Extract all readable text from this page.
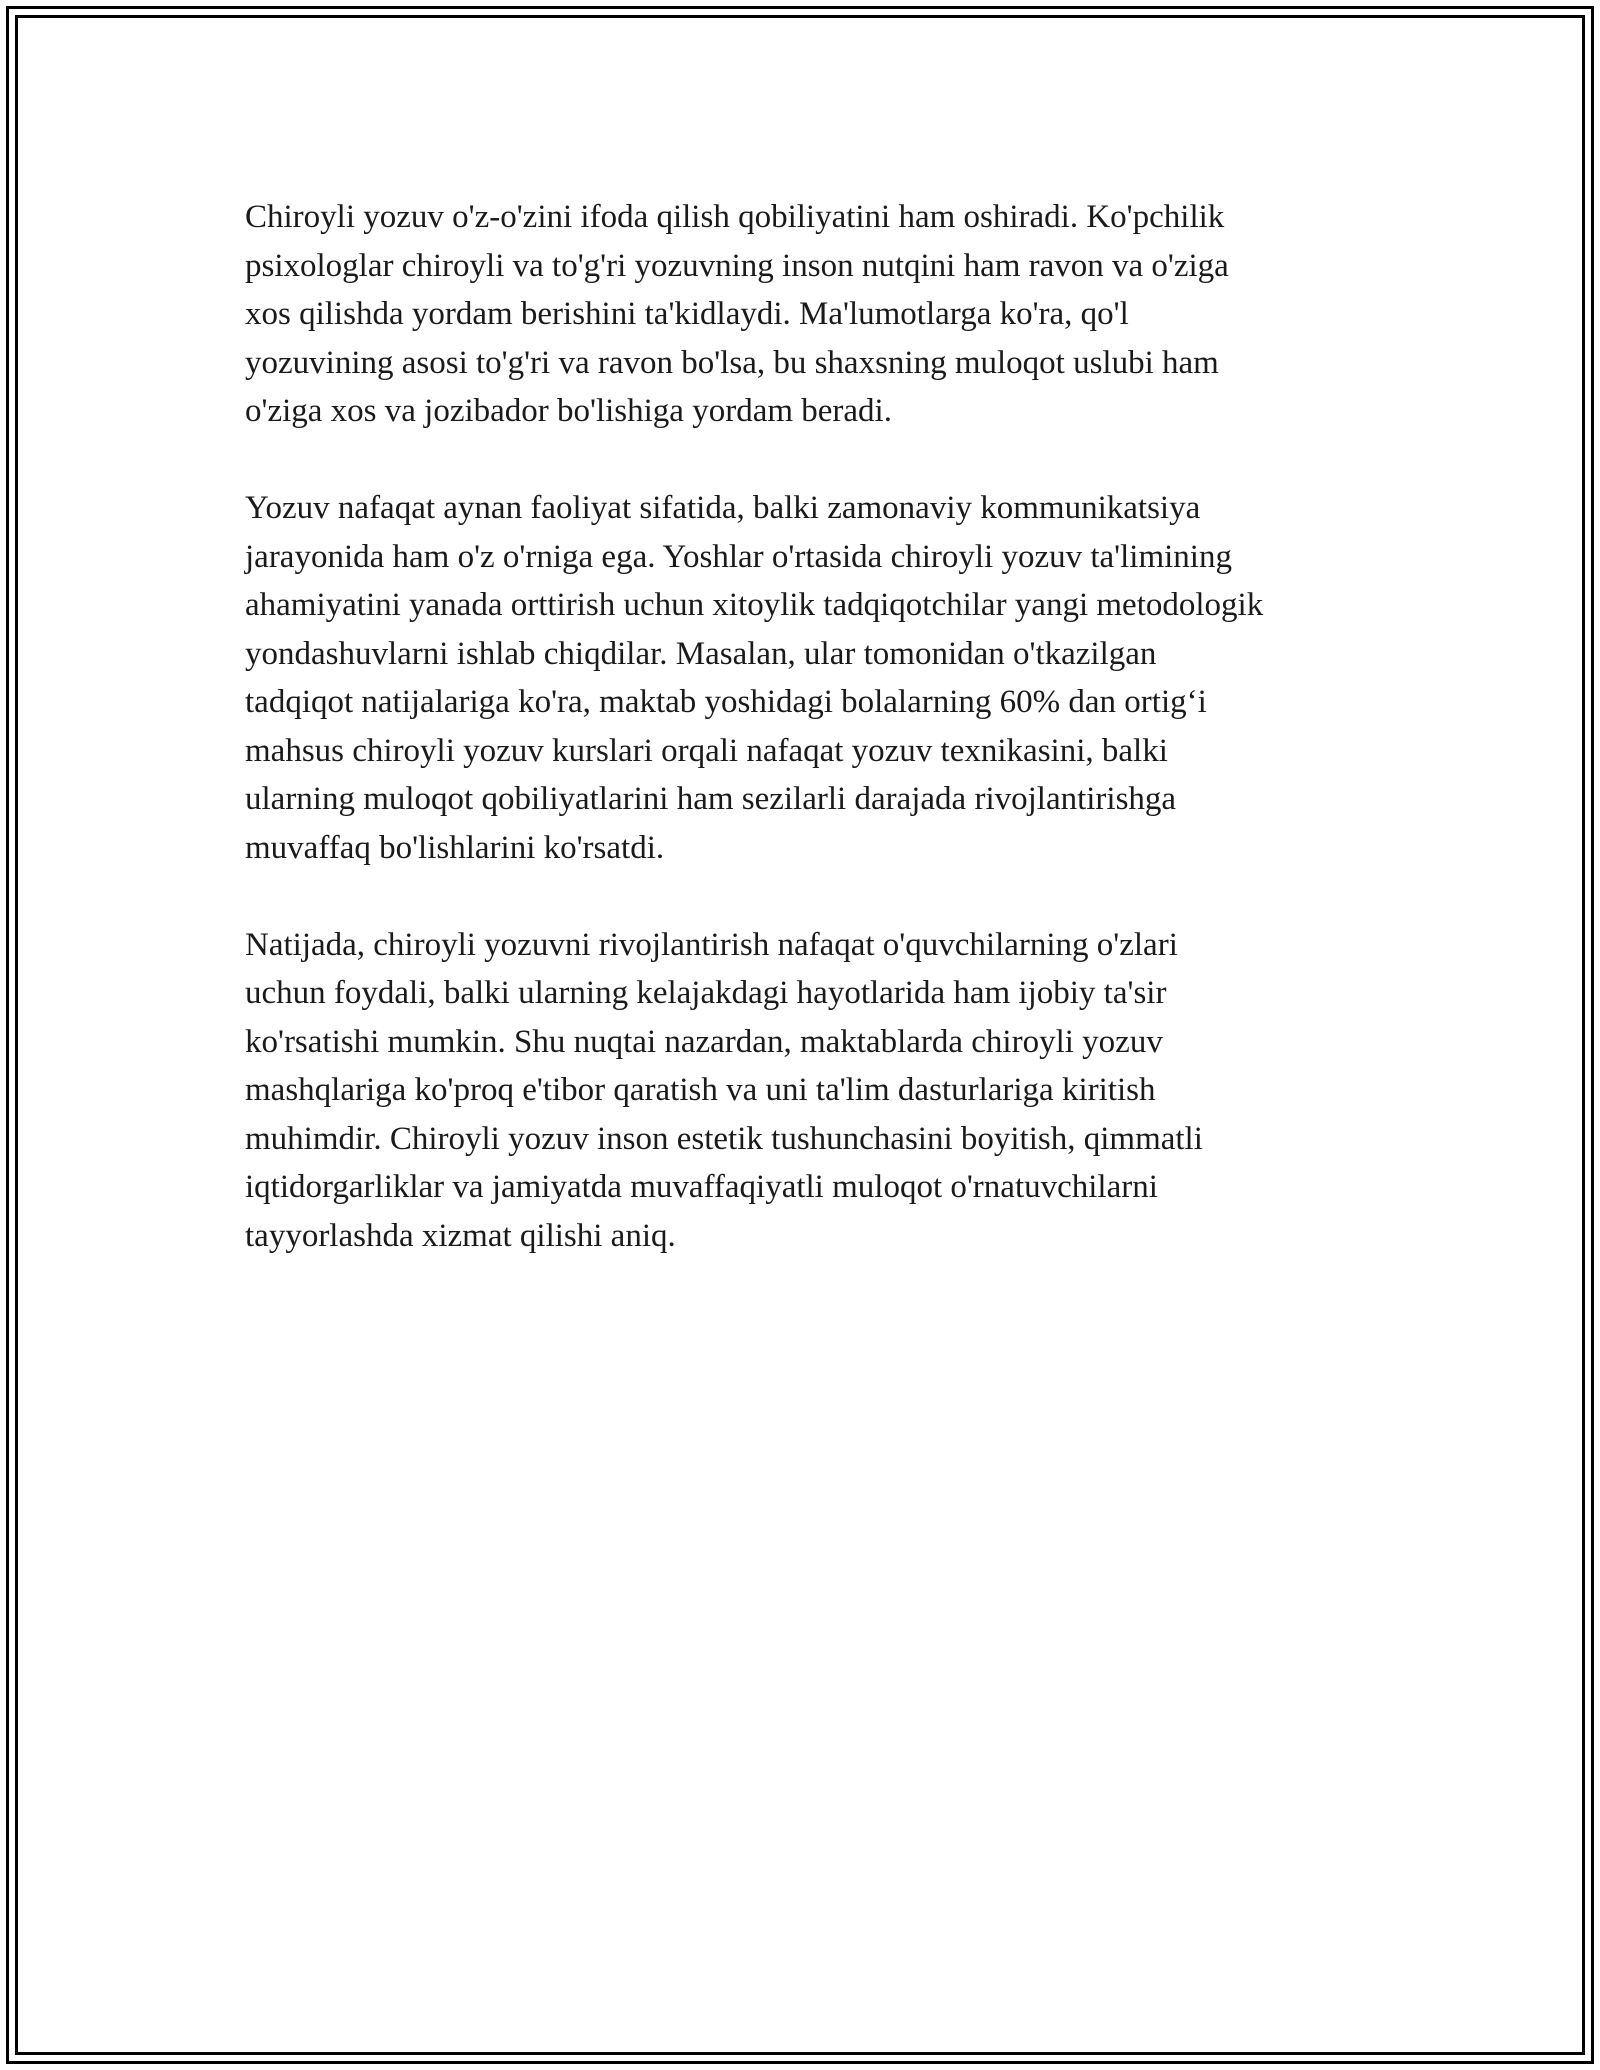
Chiroyli yozuv o'z-o'zini ifoda qilish qobiliyatini ham oshiradi. Ko'pchilik
psixologlar chiroyli va to'g'ri yozuvning inson nutqini ham ravon va o'ziga
xos qilishda yordam berishini ta'kidlaydi. Ma'lumotlarga ko'ra, qo'l
yozuvining asosi to'g'ri va ravon bo'lsa, bu shaxsning muloqot uslubi ham
o'ziga xos va jozibador bo'lishiga yordam beradi.

Yozuv nafaqat aynan faoliyat sifatida, balki zamonaviy kommunikatsiya
jarayonida ham o'z o'rniga ega. Yoshlar o'rtasida chiroyli yozuv ta'limining
ahamiyatini yanada orttirish uchun xitoylik tadqiqotchilar yangi metodologik
yondashuvlarni ishlab chiqdilar. Masalan, ular tomonidan o'tkazilgan
tadqiqot natijalariga ko'ra, maktab yoshidagi bolalarning 60% dan ortig‘i
mahsus chiroyli yozuv kurslari orqali nafaqat yozuv texnikasini, balki
ularning muloqot qobiliyatlarini ham sezilarli darajada rivojlantirishga
muvaffaq bo'lishlarini ko'rsatdi.

Natijada, chiroyli yozuvni rivojlantirish nafaqat o'quvchilarning o'zlari
uchun foydali, balki ularning kelajakdagi hayotlarida ham ijobiy ta'sir
ko'rsatishi mumkin. Shu nuqtai nazardan, maktablarda chiroyli yozuv
mashqlariga ko'proq e'tibor qaratish va uni ta'lim dasturlariga kiritish
muhimdir. Chiroyli yozuv inson estetik tushunchasini boyitish, qimmatli
iqtidorgarliklar va jamiyatda muvaffaqiyatli muloqot o'rnatuvchilarni
tayyorlashda xizmat qilishi aniq.
